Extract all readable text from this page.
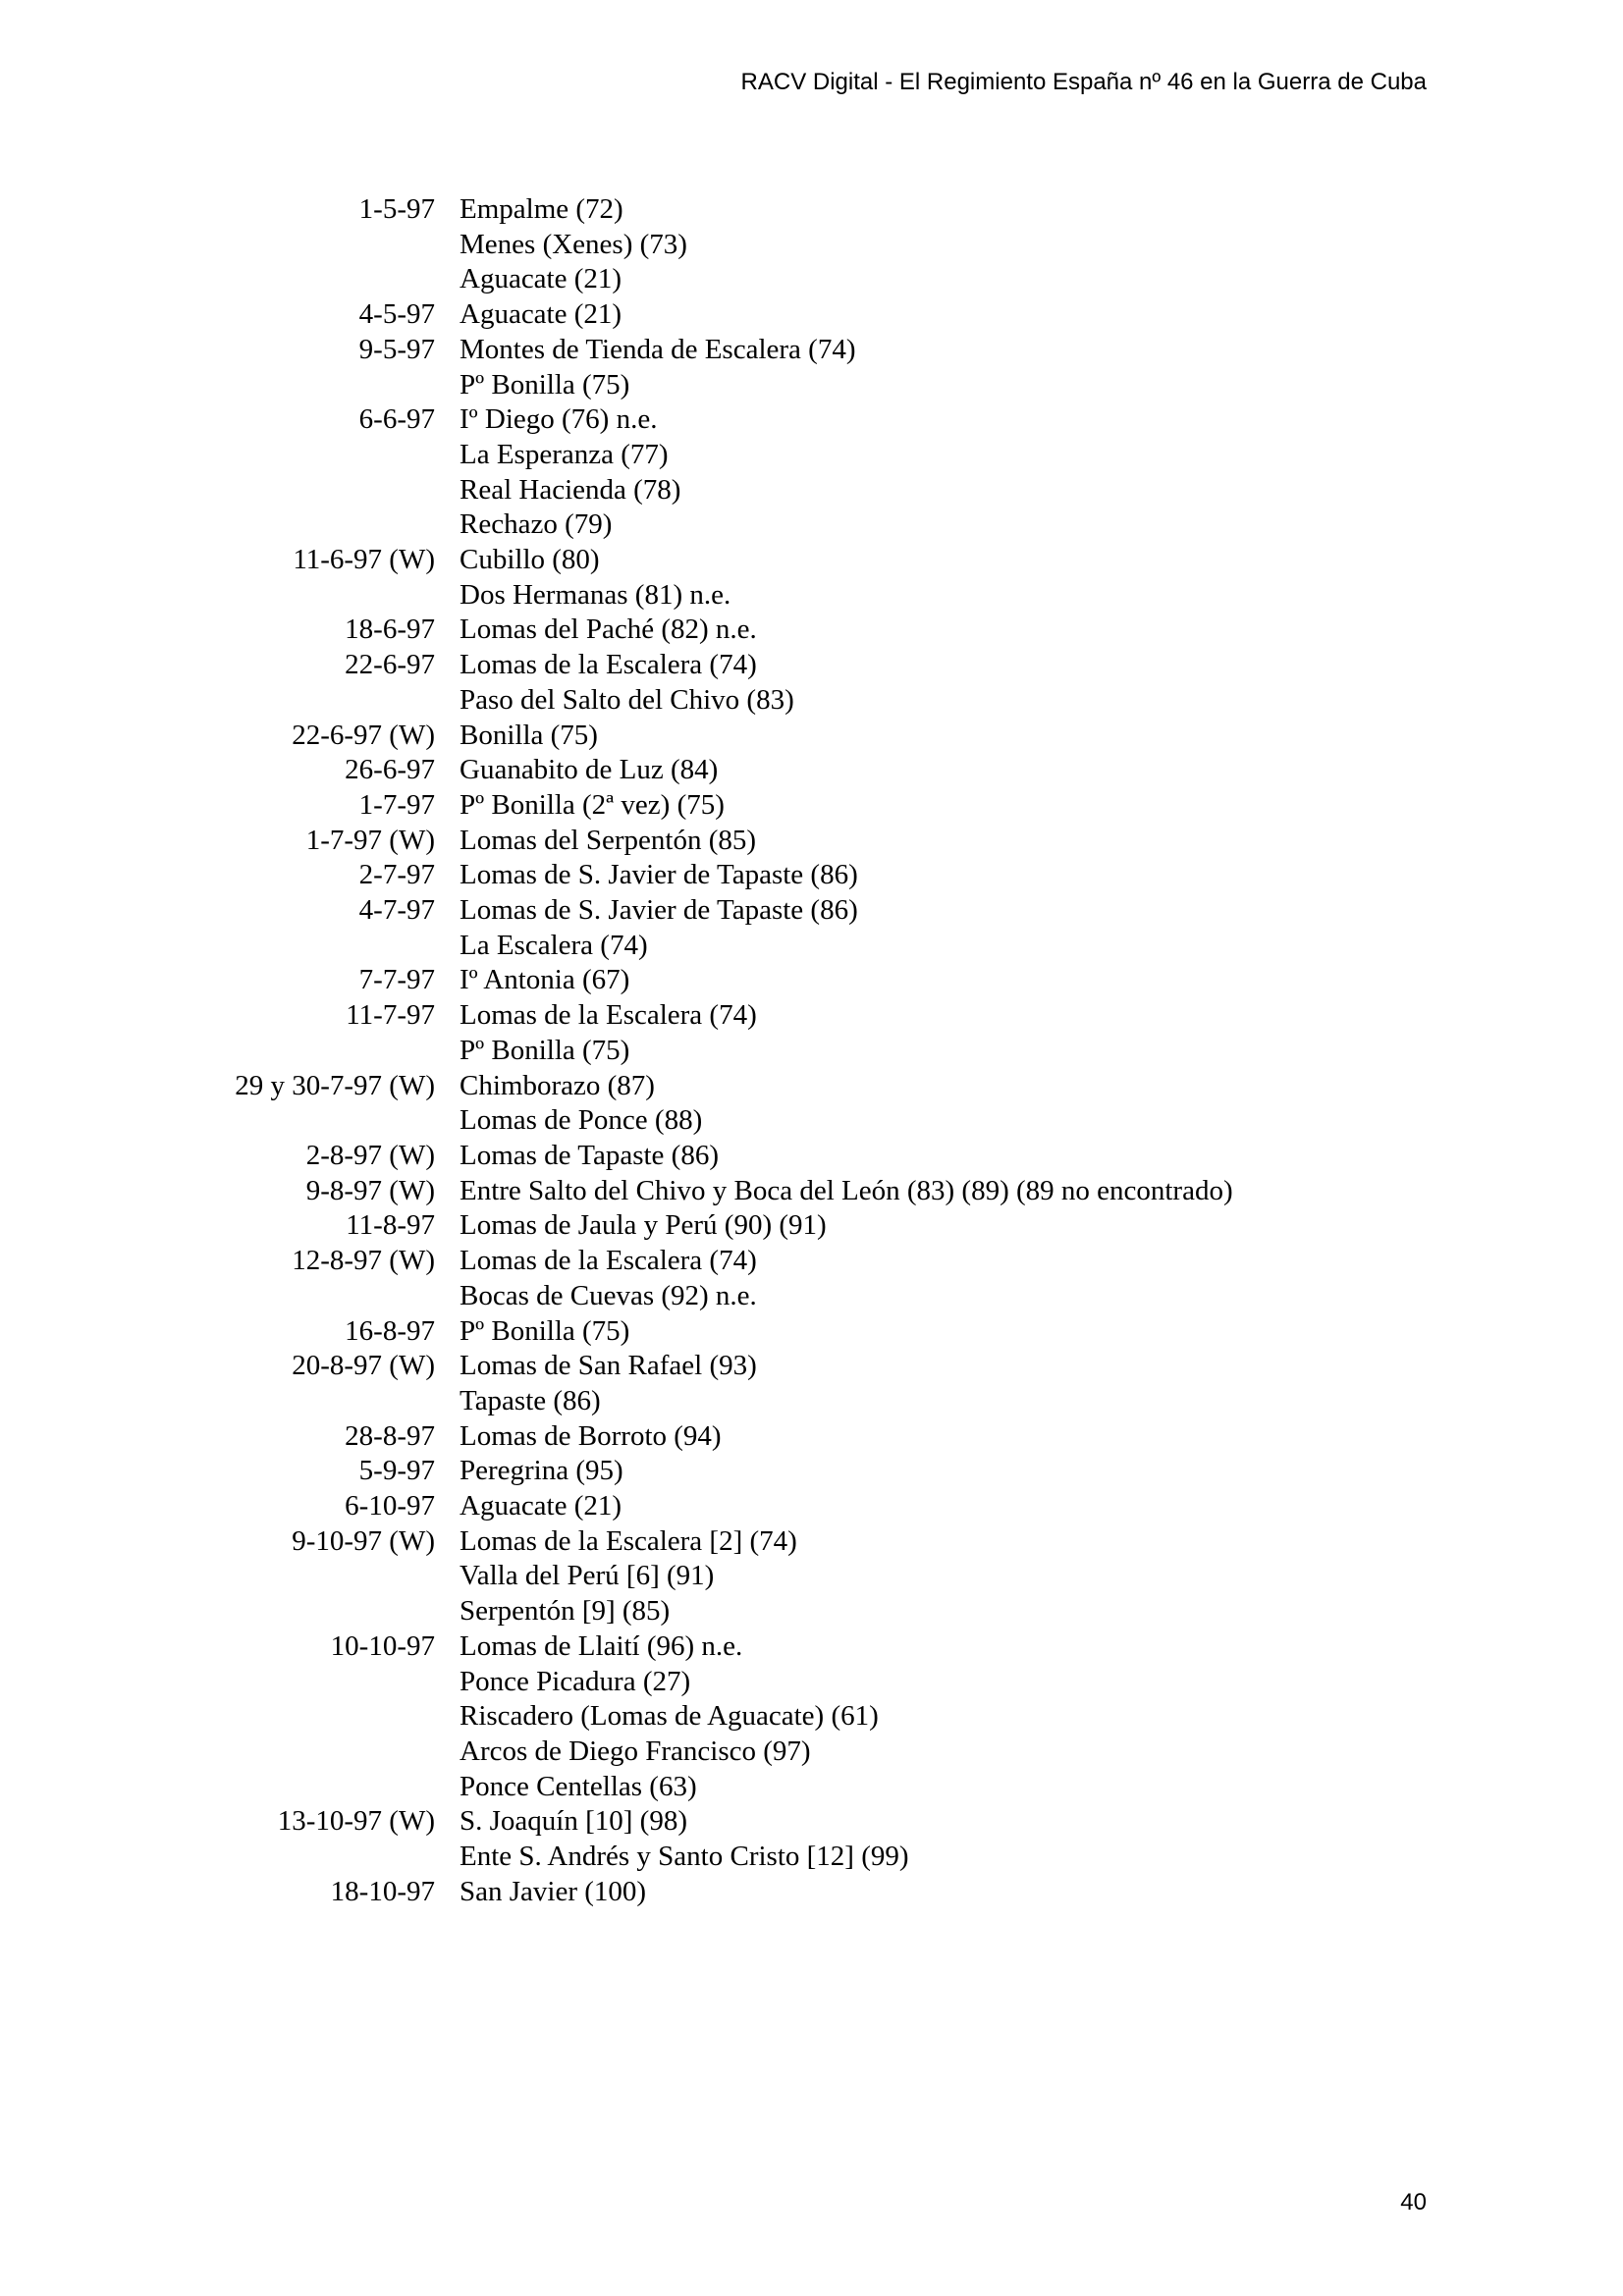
RACV Digital - El Regimiento España nº 46 en la Guerra de Cuba
1-5-97 Empalme (72)
Menes (Xenes) (73)
Aguacate (21)
4-5-97 Aguacate (21)
9-5-97 Montes de Tienda de Escalera (74)
Pº Bonilla (75)
6-6-97 Iº Diego (76) n.e.
La Esperanza (77)
Real Hacienda (78)
Rechazo (79)
11-6-97 (W) Cubillo (80)
Dos Hermanas (81) n.e.
18-6-97 Lomas del Paché (82) n.e.
22-6-97 Lomas de la Escalera (74)
Paso del Salto del Chivo (83)
22-6-97 (W) Bonilla (75)
26-6-97 Guanabito de Luz (84)
1-7-97 Pº Bonilla (2ª vez) (75)
1-7-97 (W) Lomas del Serpentón (85)
2-7-97 Lomas de S. Javier de Tapaste (86)
4-7-97 Lomas de S. Javier de Tapaste (86)
La Escalera (74)
7-7-97 Iº Antonia (67)
11-7-97 Lomas de la Escalera (74)
Pº Bonilla (75)
29 y 30-7-97 (W) Chimborazo (87)
Lomas de Ponce (88)
2-8-97 (W) Lomas de Tapaste (86)
9-8-97 (W) Entre Salto del Chivo y Boca del León (83) (89) (89 no encontrado)
11-8-97 Lomas de Jaula y Perú (90) (91)
12-8-97 (W) Lomas de la Escalera (74)
Bocas de Cuevas (92) n.e.
16-8-97 Pº Bonilla (75)
20-8-97 (W) Lomas de San Rafael (93)
Tapaste (86)
28-8-97 Lomas de Borroto (94)
5-9-97 Peregrina (95)
6-10-97 Aguacate (21)
9-10-97 (W) Lomas de la Escalera [2] (74)
Valla del Perú [6] (91)
Serpentón [9] (85)
10-10-97 Lomas de Llaití (96) n.e.
Ponce Picadura (27)
Riscadero (Lomas de Aguacate) (61)
Arcos de Diego Francisco (97)
Ponce Centellas (63)
13-10-97 (W) S. Joaquín [10] (98)
Ente S. Andrés y Santo Cristo [12] (99)
18-10-97 San Javier (100)
40
